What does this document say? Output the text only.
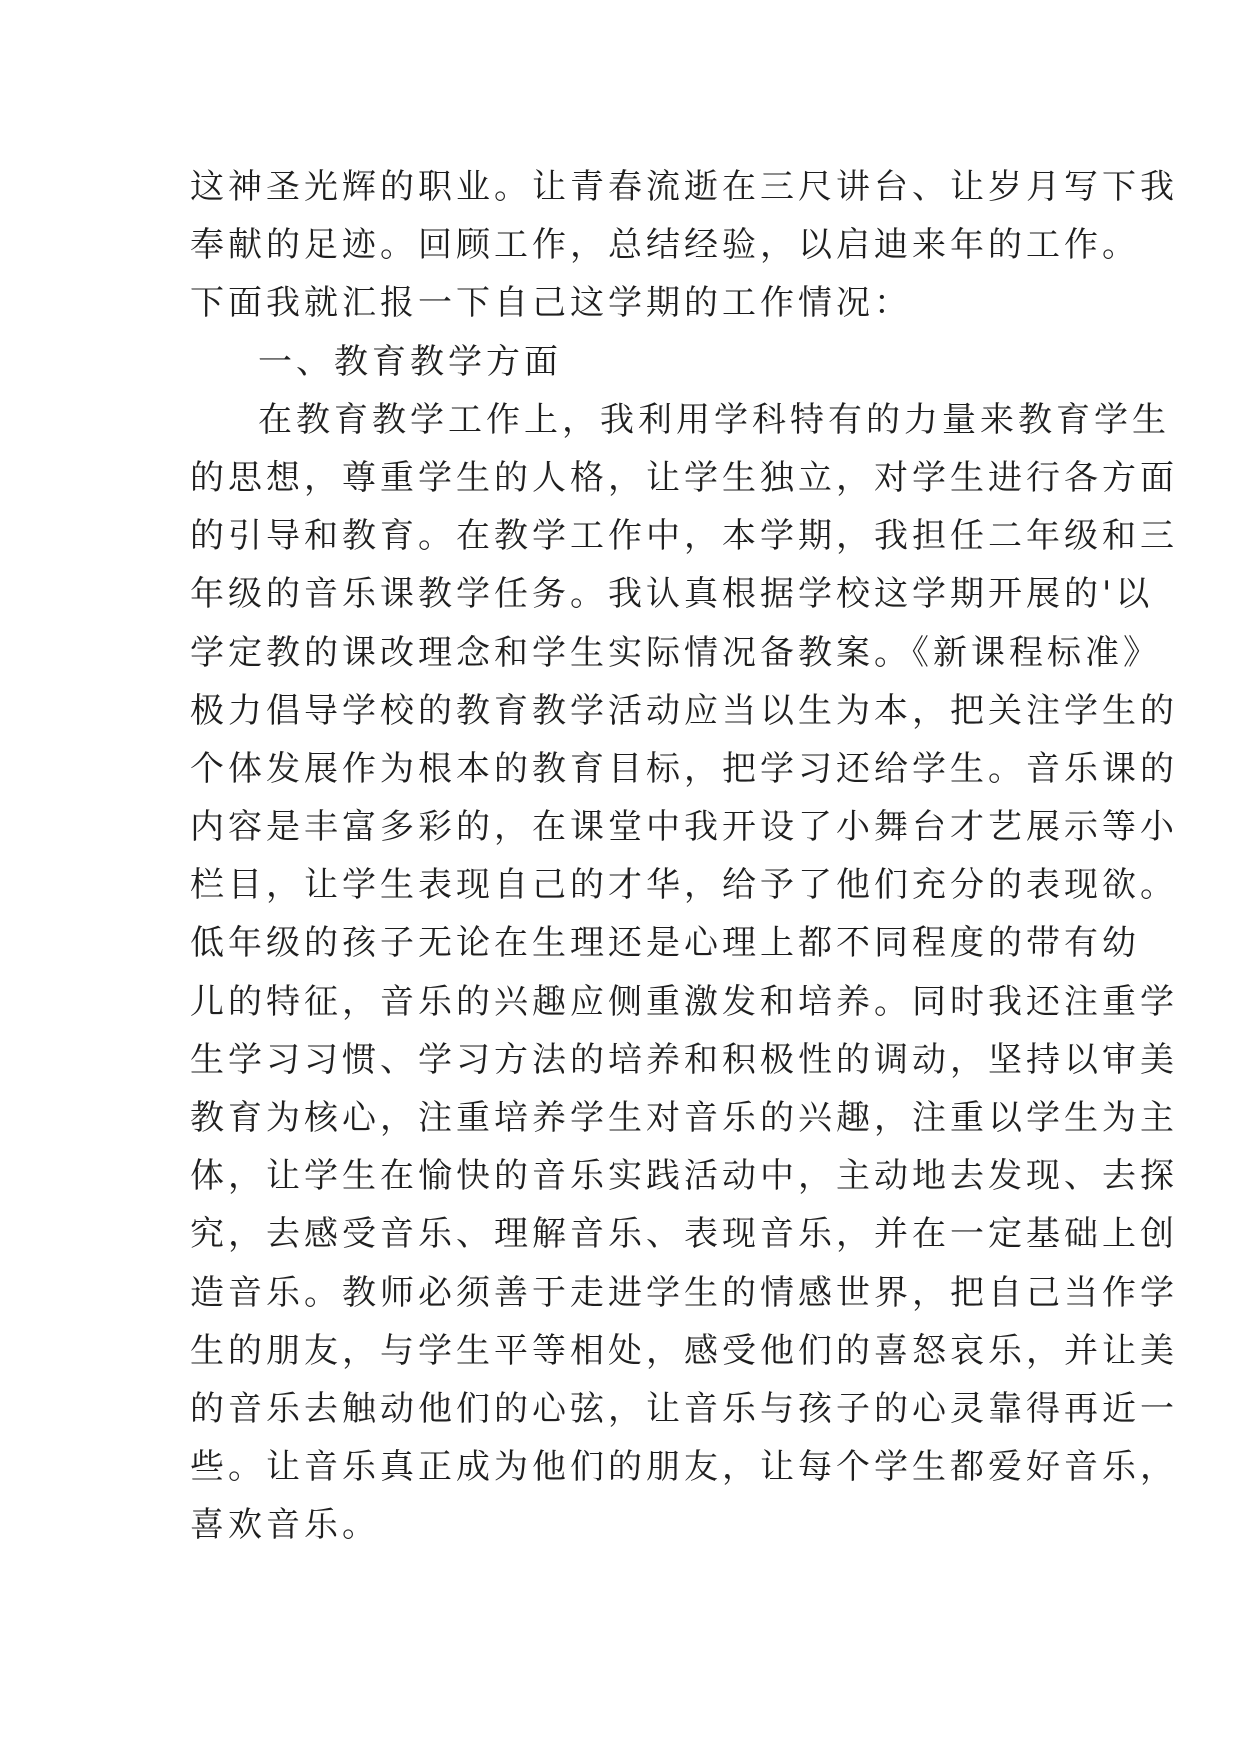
这神圣光辉的职业。让青春流逝在三尺讲台、让岁月写下我
奉献的足迹。回顾工作，总结经验，以启迪来年的工作。
下面我就汇报一下自己这学期的工作情况：
一、教育教学方面
在教育教学工作上，我利用学科特有的力量来教育学生
的思想，尊重学生的人格，让学生独立，对学生进行各方面
的引导和教育。在教学工作中，本学期，我担任二年级和三
年级的音乐课教学任务。我认真根据学校这学期开展的'以
学定教的课改理念和学生实际情况备教案。《新课程标准》
极力倡导学校的教育教学活动应当以生为本，把关注学生的
个体发展作为根本的教育目标，把学习还给学生。音乐课的
内容是丰富多彩的，在课堂中我开设了小舞台才艺展示等小
栏目，让学生表现自己的才华，给予了他们充分的表现欲。
低年级的孩子无论在生理还是心理上都不同程度的带有幼
儿的特征，音乐的兴趣应侧重激发和培养。同时我还注重学
生学习习惯、学习方法的培养和积极性的调动，坚持以审美
教育为核心，注重培养学生对音乐的兴趣，注重以学生为主
体，让学生在愉快的音乐实践活动中，主动地去发现、去探
究，去感受音乐、理解音乐、表现音乐，并在一定基础上创
造音乐。教师必须善于走进学生的情感世界，把自己当作学
生的朋友，与学生平等相处，感受他们的喜怒哀乐，并让美
的音乐去触动他们的心弦，让音乐与孩子的心灵靠得再近一
些。让音乐真正成为他们的朋友，让每个学生都爱好音乐，
喜欢音乐。
